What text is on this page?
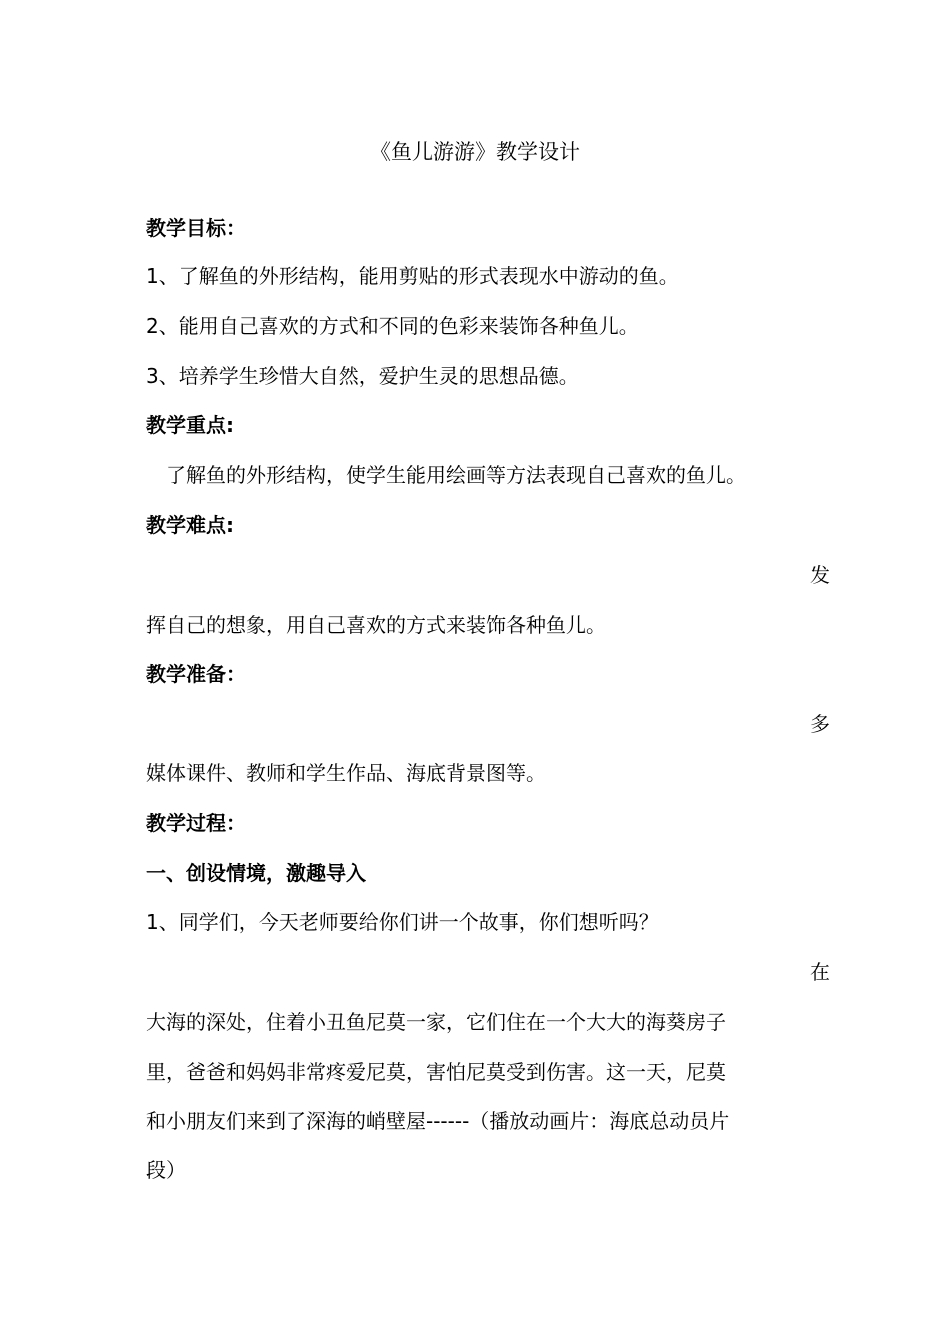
《鱼儿游游》教学设计
教学目标：
1、了解鱼的外形结构，能用剪贴的形式表现水中游动的鱼。
2、能用自己喜欢的方式和不同的色彩来装饰各种鱼儿。
3、培养学生珍惜大自然，爱护生灵的思想品德。
教学重点:
了解鱼的外形结构，使学生能用绘画等方法表现自己喜欢的鱼儿。
教学难点:
发
挥自己的想象，用自己喜欢的方式来装饰各种鱼儿。
教学准备：
多
媒体课件、教师和学生作品、海底背景图等。
教学过程：
一、创设情境，激趣导入
1、同学们，今天老师要给你们讲一个故事，你们想听吗？
在
大海的深处，住着小丑鱼尼莫一家，它们住在一个大大的海葵房子
里，爸爸和妈妈非常疼爱尼莫，害怕尼莫受到伤害。这一天，尼莫
和小朋友们来到了深海的峭壁屋------（播放动画片：海底总动员片
段）
